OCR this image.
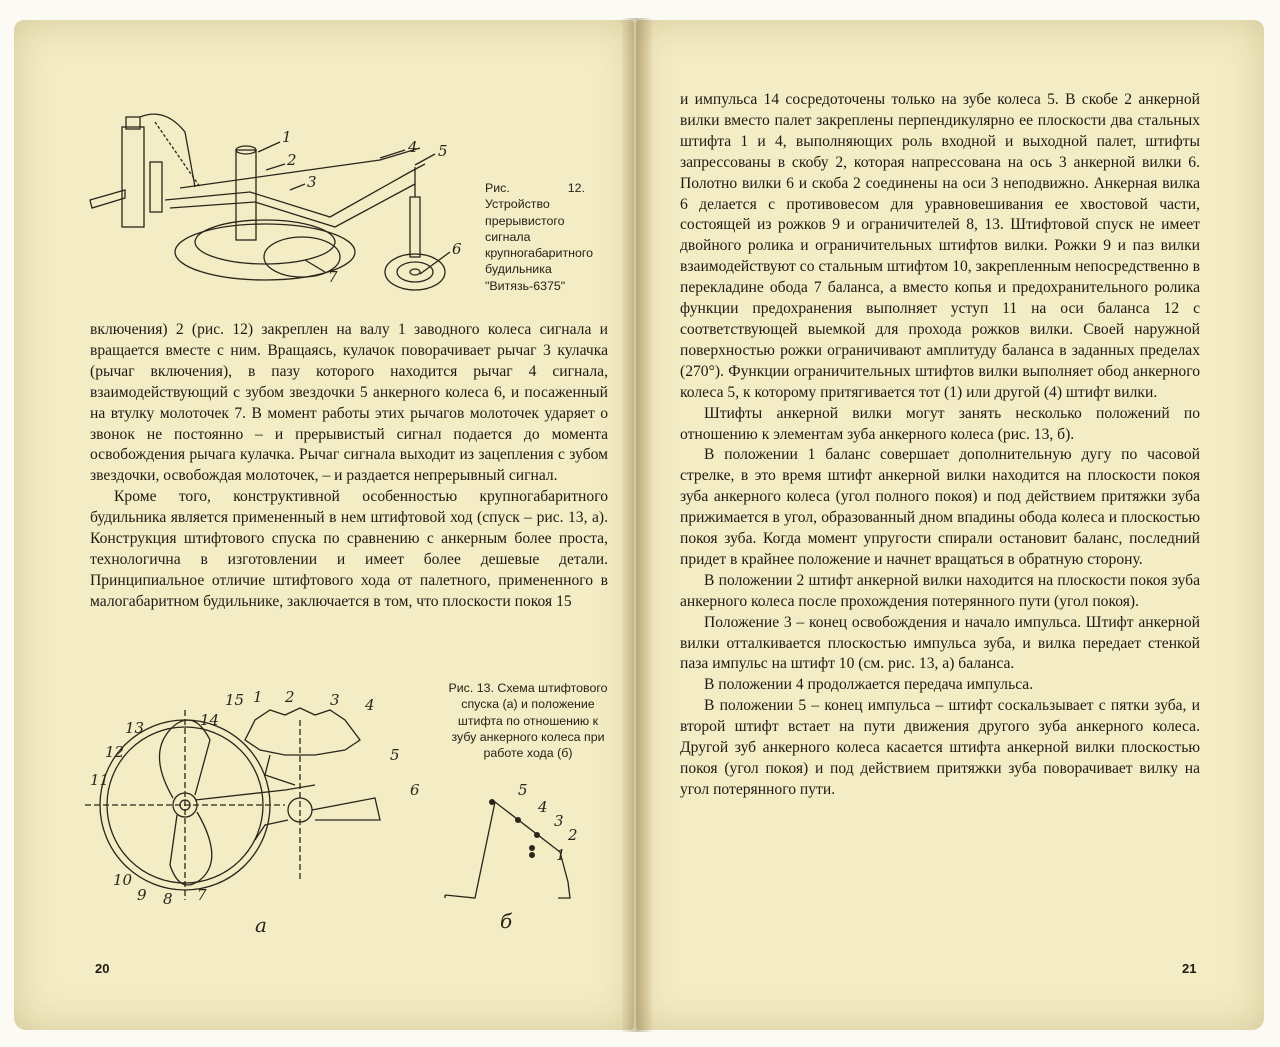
1
2
3
4 5
6
7
Рис. 12. Устройство прерывистого сигнала крупногабаритного будильника "Витязь-6375"

включения) 2 (рис. 12) закреплен на валу 1 заводного колеса сигнала и вращается вместе с ним. Вращаясь, кулачок поворачивает рычаг 3 кулачка (рычаг включения), в пазу которого находится рычаг 4 сигнала, взаимодействующий с зубом звездочки 5 анкерного колеса 6, и посаженный на втулку молоточек 7. В момент работы этих рычагов молоточек ударяет о звонок не постоянно – и прерывистый сигнал подается до момента освобождения рычага кулачка. Рычаг сигнала выходит из зацепления с зубом звездочки, освобождая молоточек, – и раздается непрерывный сигнал.

Кроме того, конструктивной особенностью крупногабаритного будильника является примененный в нем штифтовой ход (спуск – рис. 13, а). Конструкция штифтового спуска по сравнению с анкерным более проста, технологична в изготовлении и имеет более дешевые детали. Принципиальное отличие штифтового хода от палетного, примененного в малогабаритном будильнике, заключается в том, что плоскости покоя 15

15 1 2 3 4
14
13
12
11
5
6
10
9 8 7
а
5
4
3
2
1
б
Рис. 13. Схема штифтового спуска (а) и положение штифта по отношению к зубу анкерного колеса при работе хода (б)
20

и импульса 14 сосредоточены только на зубе колеса 5. В скобе 2 анкерной вилки вместо палет закреплены перпендикулярно ее плоскости два стальных штифта 1 и 4, выполняющих роль входной и выходной палет, штифты запрессованы в скобу 2, которая напрессована на ось 3 анкерной вилки 6. Полотно вилки 6 и скоба 2 соединены на оси 3 неподвижно. Анкерная вилка 6 делается с противовесом для уравновешивания ее хвостовой части, состоящей из рожков 9 и ограничителей 8, 13. Штифтовой спуск не имеет двойного ролика и ограничительных штифтов вилки. Рожки 9 и паз вилки взаимодействуют со стальным штифтом 10, закрепленным непосредственно в перекладине обода 7 баланса, а вместо копья и предохранительного ролика функции предохранения выполняет уступ 11 на оси баланса 12 с соответствующей выемкой для прохода рожков вилки. Своей наружной поверхностью рожки ограничивают амплитуду баланса в заданных пределах (270°). Функции ограничительных штифтов вилки выполняет обод анкерного колеса 5, к которому притягивается тот (1) или другой (4) штифт вилки.

Штифты анкерной вилки могут занять несколько положений по отношению к элементам зуба анкерного колеса (рис. 13, б).

В положении 1 баланс совершает дополнительную дугу по часовой стрелке, в это время штифт анкерной вилки находится на плоскости покоя зуба анкерного колеса (угол полного покоя) и под действием притяжки зуба прижимается в угол, образованный дном впадины обода колеса и плоскостью покоя зуба. Когда момент упругости спирали остановит баланс, последний придет в крайнее положение и начнет вращаться в обратную сторону.

В положении 2 штифт анкерной вилки находится на плоскости покоя зуба анкерного колеса после прохождения потерянного пути (угол покоя).

Положение 3 – конец освобождения и начало импульса. Штифт анкерной вилки отталкивается плоскостью импульса зуба, и вилка передает стенкой паза импульс на штифт 10 (см. рис. 13, а) баланса.

В положении 4 продолжается передача импульса.

В положении 5 – конец импульса – штифт соскальзывает с пятки зуба, и второй штифт встает на пути движения другого зуба анкерного колеса. Другой зуб анкерного колеса касается штифта анкерной вилки плоскостью покоя (угол покоя) и под действием притяжки зуба поворачивает вилку на угол потерянного пути.

21
